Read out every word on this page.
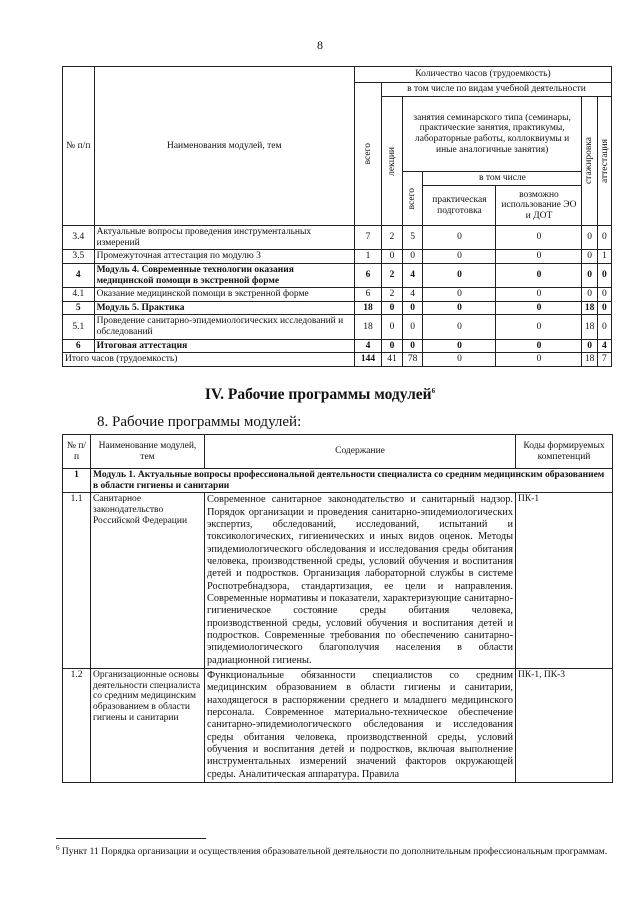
8
№ п/п	Наименования модулей, тем	Количество часов (трудоемкость)						

		всего	в том числе по видам учебной деятельности					

			лекции	занятия семинарского типа (семинары, практические занятия, практикумы, лабораторные работы, коллоквиумы и иные аналогичные занятия)			стажировка	аттестация

				всего	в том числе			
					практическая подготовка	возможно использование ЭО и ДОТ		
3.4	Актуальные вопросы проведения инструментальных измерений	7	2	5	0	0	0	0
3.5	Промежуточная аттестация по модулю 3	1	0	0	0	0	0	1
4	Модуль 4. Современные технологии оказания медицинской помощи в экстренной форме	6	2	4	0	0	0	0
4.1	Оказание медицинской помощи в экстренной форме	6	2	4	0	0	0	0
5	Модуль 5. Практика	18	0	0	0	0	18	0
5.1	Проведение санитарно-эпидемиологических исследований и обследований	18	0	0	0	0	18	0
6	Итоговая аттестация	4	0	0	0	0	0	4
Итого часов (трудоемкость)		144	41	78	0	0	18	7
IV. Рабочие программы модулей$^6$
8. Рабочие программы модулей:
№ п/п	Наименование модулей, тем	Содержание	Коды формируемых компетенций
1	Модуль 1. Актуальные вопросы профессиональной деятельности специалиста со средним медицинским образованием в области гигиены и санитарии		
1.1	Санитарное законодательство Российской Федерации	Современное санитарное законодательство и санитарный надзор. Порядок организации и проведения санитарно-эпидемиологических экспертиз, обследований, исследований, испытаний и токсикологических, гигиенических и иных видов оценок. Методы эпидемиологического обследования и исследования среды обитания человека, производственной среды, условий обучения и воспитания детей и подростков. Организация лабораторной службы в системе Роспотребнадзора, стандартизация, ее цели и направления. Современные нормативы и показатели, характеризующие санитарно-гигиеническое состояние среды обитания человека, производственной среды, условий обучения и воспитания детей и подростков. Современные требования по обеспечению санитарно-эпидемиологического благополучия населения в области радиационной гигиены.	ПК-1
1.2	Организационные основы деятельности специалиста со средним медицинским образованием в области гигиены и санитарии	Функциональные обязанности специалистов со средним медицинским образованием в области гигиены и санитарии, находящегося в распоряжении среднего и младшего медицинского персонала. Современное материально-техническое обеспечение санитарно-эпидемиологического обследования и исследования среды обитания человека, производственной среды, условий обучения и воспитания детей и подростков, включая выполнение инструментальных измерений значений факторов окружающей среды. Аналитическая аппаратура. Правила	ПК-1, ПК-3
$^6$ Пункт 11 Порядка организации и осуществления образовательной деятельности по дополнительным профессиональным программам.
